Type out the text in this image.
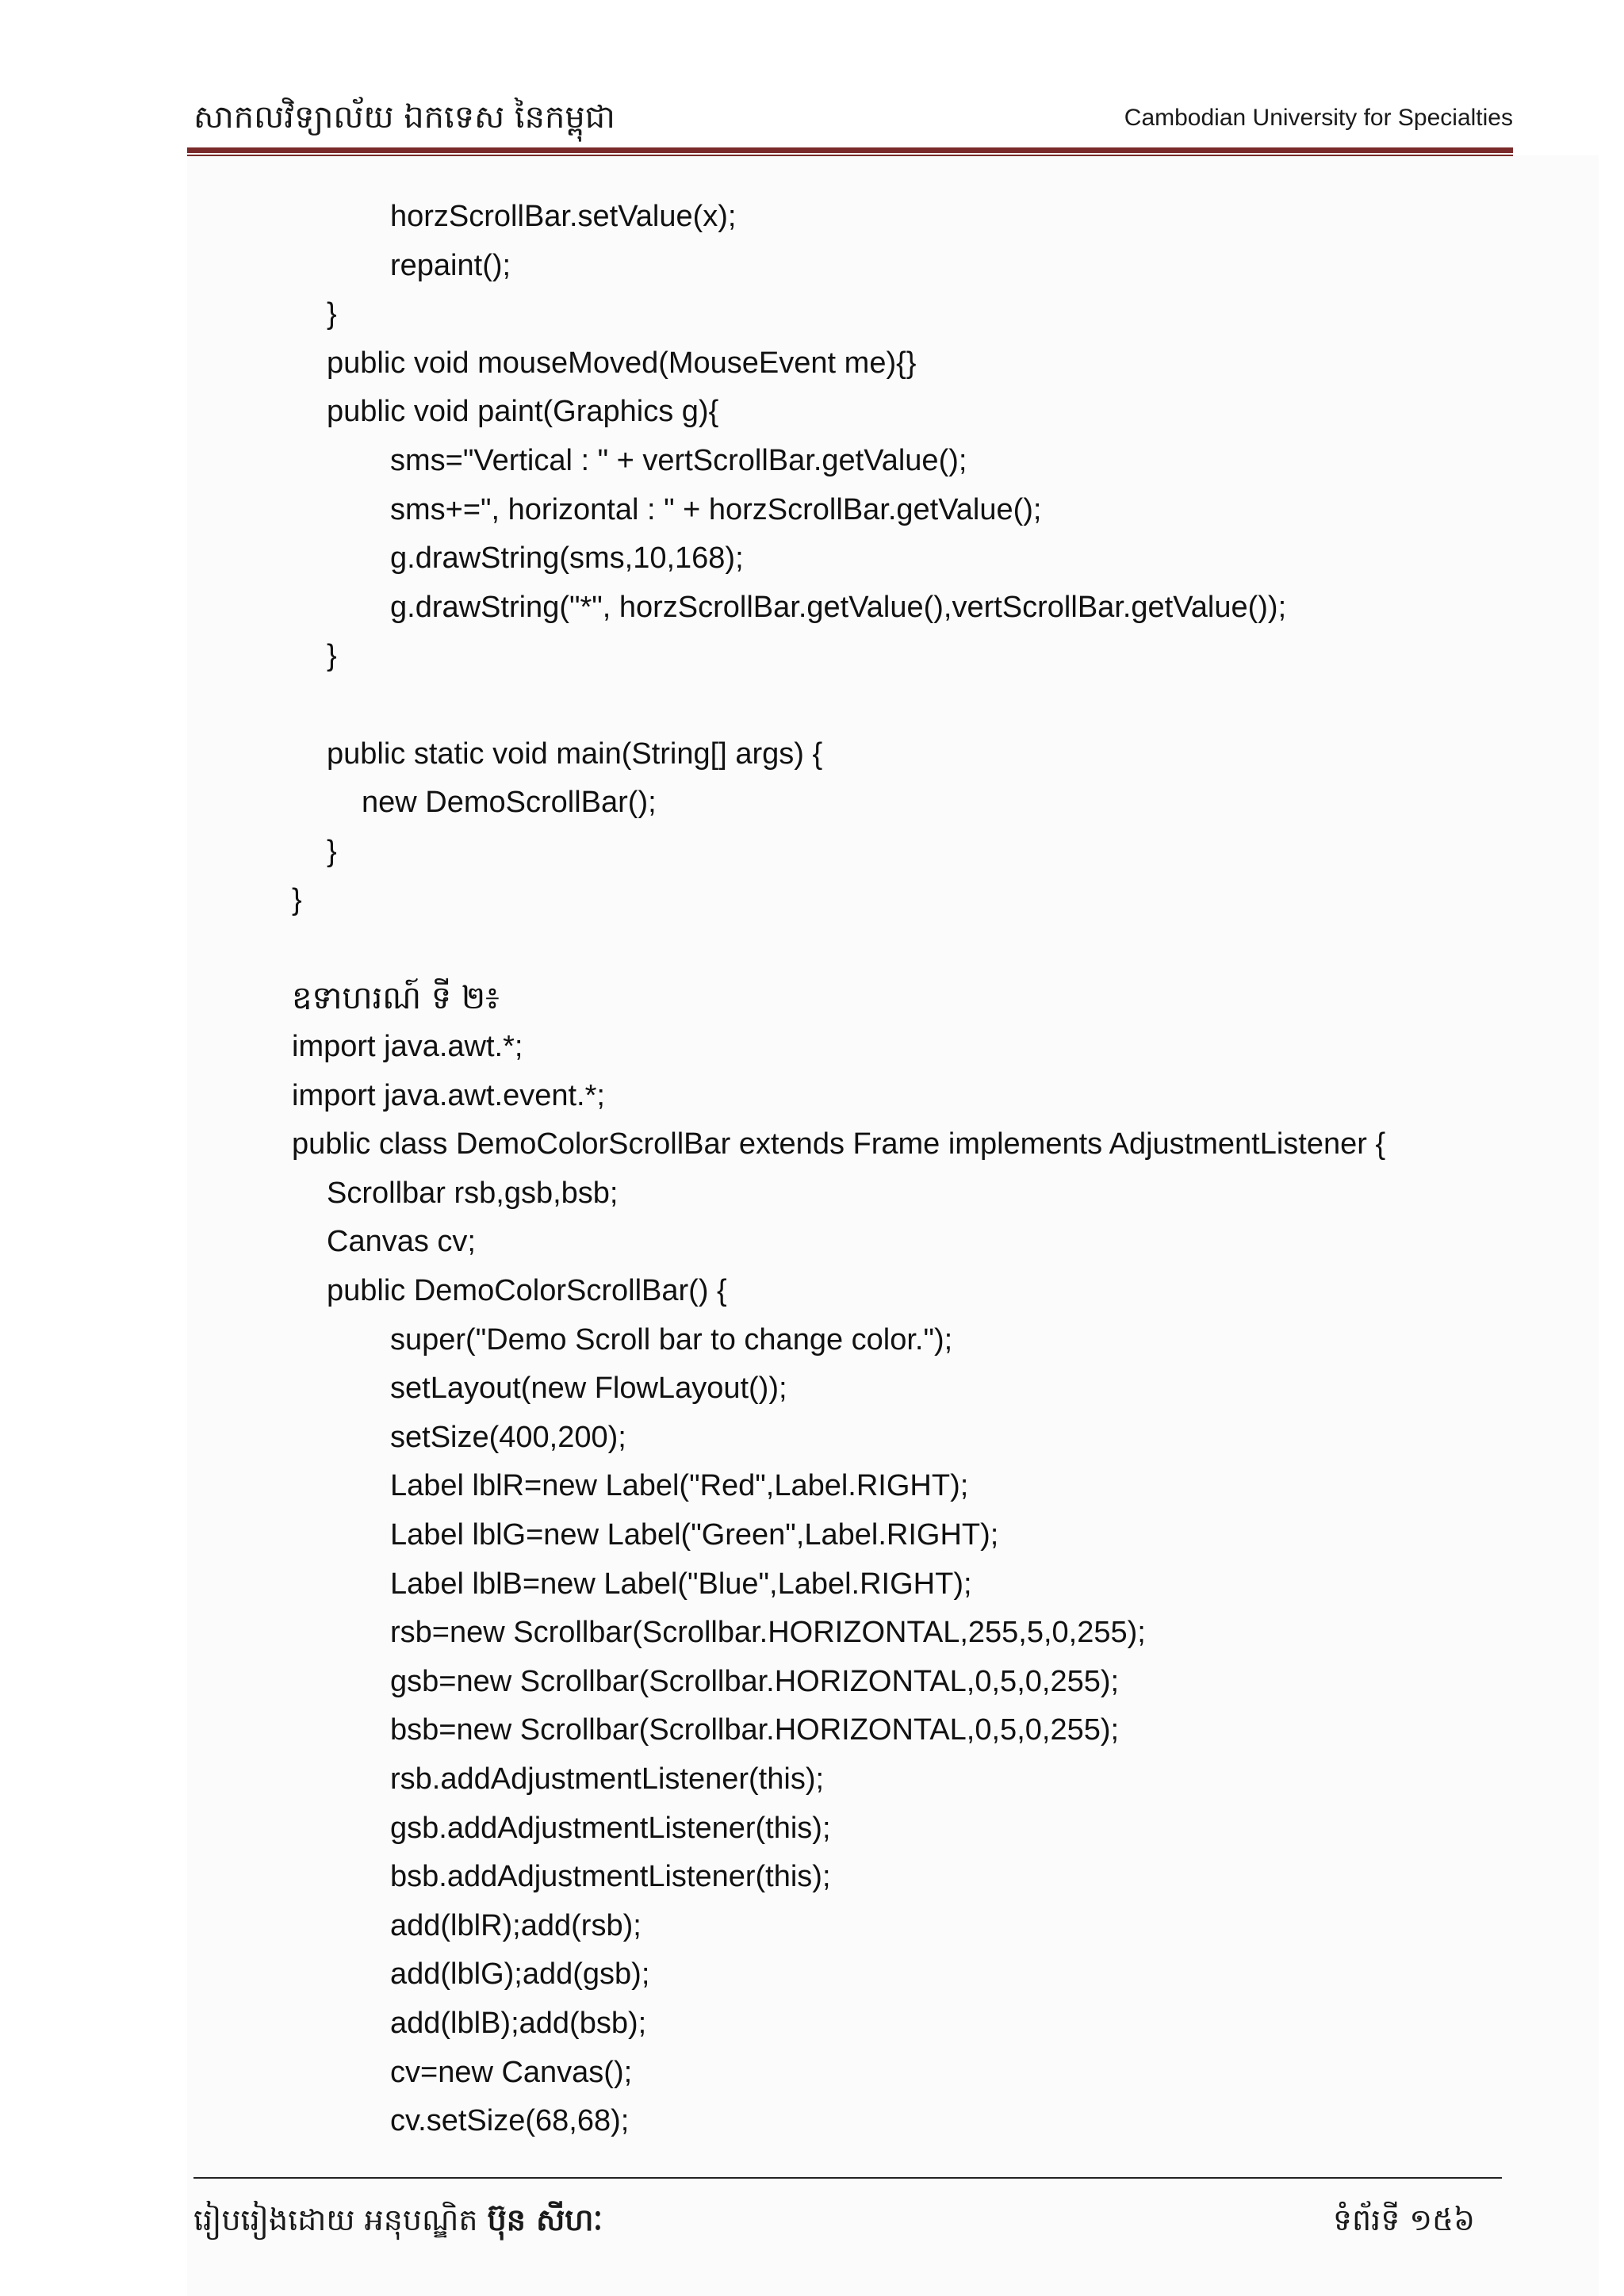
សាកលវិទ្យាល័យ ឯកទេស នៃកម្ពុជា	Cambodian University for Specialties
horzScrollBar.setValue(x);
repaint();
}
public void mouseMoved(MouseEvent me){}
public void paint(Graphics g){
sms="Vertical : " + vertScrollBar.getValue();
sms+=", horizontal : " + horzScrollBar.getValue();
g.drawString(sms,10,168);
g.drawString("*", horzScrollBar.getValue(),vertScrollBar.getValue());
}
public static void main(String[] args) {
new DemoScrollBar();
}
}
ឧទាហរណ៍ ទី ២៖
import java.awt.*;
import java.awt.event.*;
public class DemoColorScrollBar extends Frame implements AdjustmentListener {
Scrollbar rsb,gsb,bsb;
Canvas cv;
public DemoColorScrollBar() {
super("Demo Scroll bar to change color.");
setLayout(new FlowLayout());
setSize(400,200);
Label lblR=new Label("Red",Label.RIGHT);
Label lblG=new Label("Green",Label.RIGHT);
Label lblB=new Label("Blue",Label.RIGHT);
rsb=new Scrollbar(Scrollbar.HORIZONTAL,255,5,0,255);
gsb=new Scrollbar(Scrollbar.HORIZONTAL,0,5,0,255);
bsb=new Scrollbar(Scrollbar.HORIZONTAL,0,5,0,255);
rsb.addAdjustmentListener(this);
gsb.addAdjustmentListener(this);
bsb.addAdjustmentListener(this);
add(lblR);add(rsb);
add(lblG);add(gsb);
add(lblB);add(bsb);
cv=new Canvas();
cv.setSize(68,68);
រៀបរៀងដោយ អនុបណ្ឌិត ប៊ុន សីហៈ	ទំព័រទី ១៥៦
